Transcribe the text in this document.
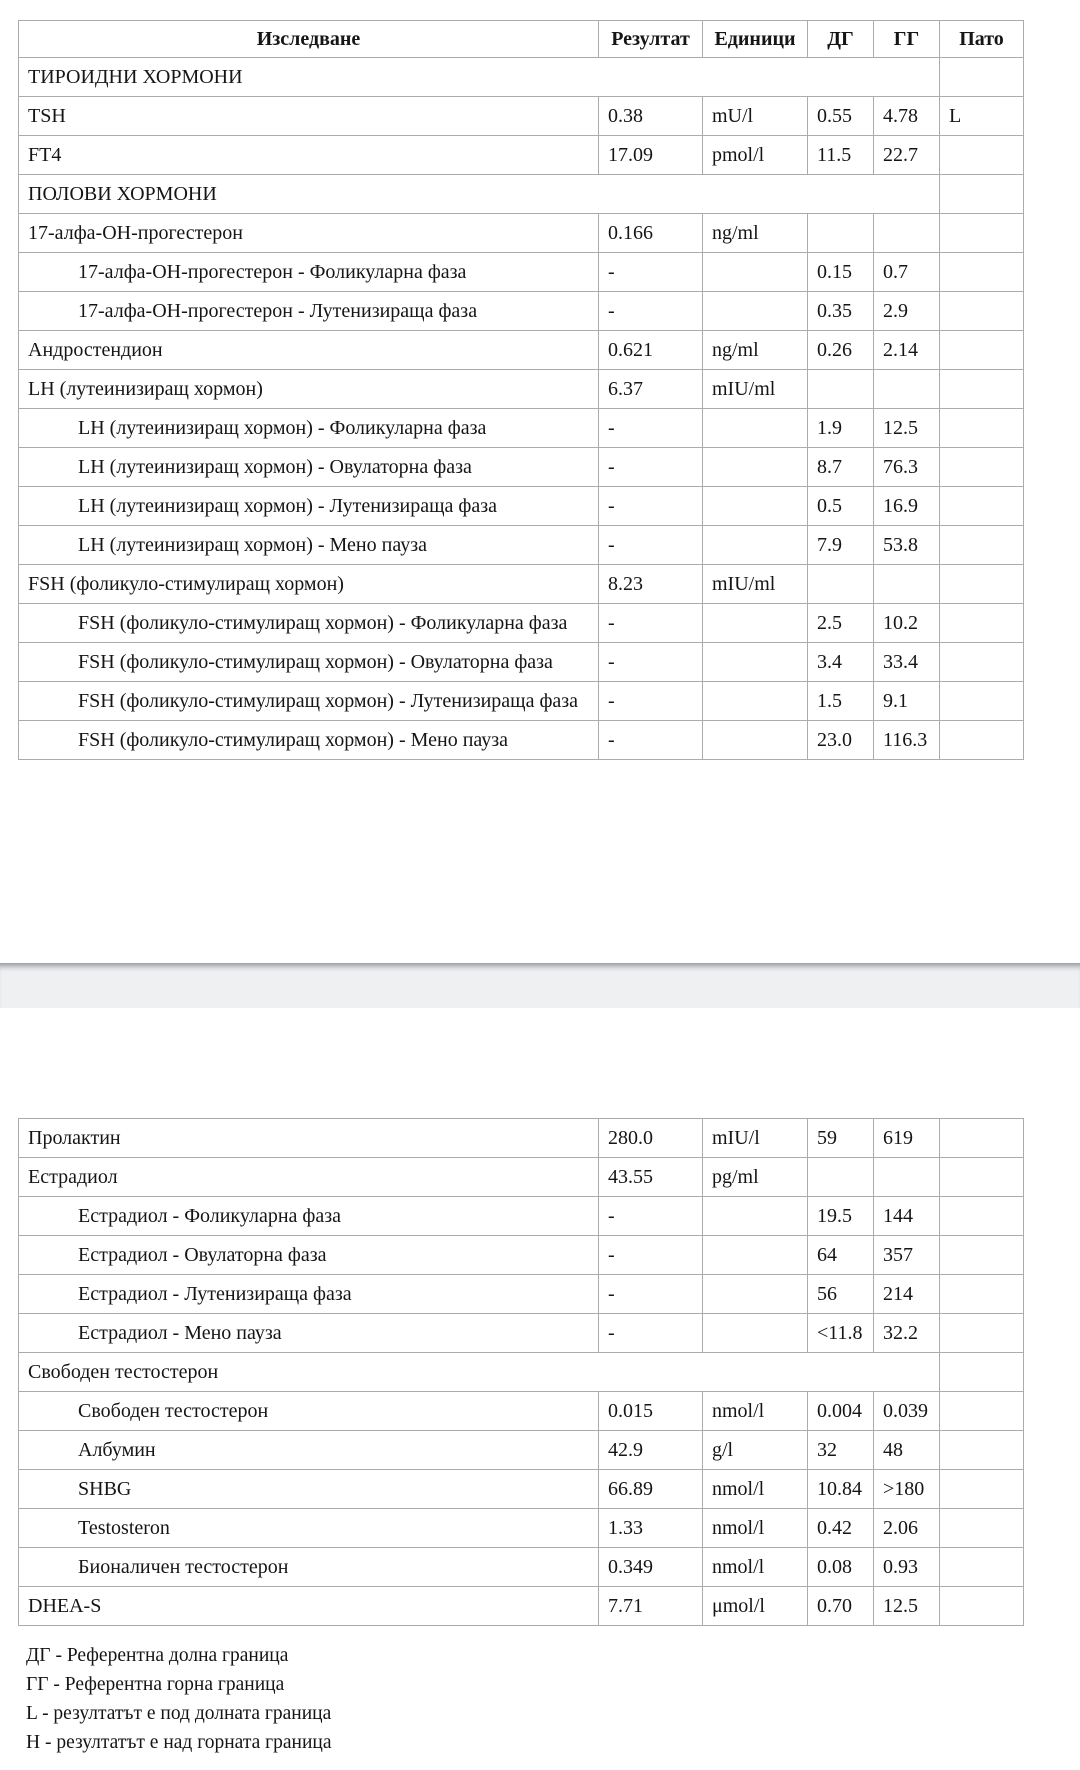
Изследване	Резултат	Единици	ДГ	ГГ	Пато
ТИРОИДНИ ХОРМОНИ					
TSH	0.38	mU/l	0.55	4.78	L
FT4	17.09	pmol/l	11.5	22.7	
ПОЛОВИ ХОРМОНИ					
17-алфа-ОН-прогестерон	0.166	ng/ml			
17-алфа-ОН-прогестерон - Фоликуларна фаза	-		0.15	0.7	
17-алфа-ОН-прогестерон - Лутенизираща фаза	-		0.35	2.9	
Андростендион	0.621	ng/ml	0.26	2.14	
LH (лутеинизиращ хормон)	6.37	mIU/ml			
LH (лутеинизиращ хормон) - Фоликуларна фаза	-		1.9	12.5	
LH (лутеинизиращ хормон) - Овулаторна фаза	-		8.7	76.3	
LH (лутеинизиращ хормон) - Лутенизираща фаза	-		0.5	16.9	
LH (лутеинизиращ хормон) - Мено пауза	-		7.9	53.8	
FSH (фоликуло-стимулиращ хормон)	8.23	mIU/ml			
FSH (фоликуло-стимулиращ хормон) - Фоликуларна фаза	-		2.5	10.2	
FSH (фоликуло-стимулиращ хормон) - Овулаторна фаза	-		3.4	33.4	
FSH (фоликуло-стимулиращ хормон) - Лутенизираща фаза	-		1.5	9.1	
FSH (фоликуло-стимулиращ хормон) - Мено пауза	-		23.0	116.3	
Пролактин	280.0	mIU/l	59	619	
Естрадиол	43.55	pg/ml			
Естрадиол - Фоликуларна фаза	-		19.5	144	
Естрадиол - Овулаторна фаза	-		64	357	
Естрадиол - Лутенизираща фаза	-		56	214	
Естрадиол - Мено пауза	-		<11.8	32.2	
Свободен тестостерон					
Свободен тестостерон	0.015	nmol/l	0.004	0.039	
Албумин	42.9	g/l	32	48	
SHBG	66.89	nmol/l	10.84	>180	
Testosteron	1.33	nmol/l	0.42	2.06	
Бионаличен тестостерон	0.349	nmol/l	0.08	0.93	
DHEA-S	7.71	μmol/l	0.70	12.5	
ДГ - Референтна долна граница
ГГ - Референтна горна граница
L - резултатът е под долната граница
H - резултатът е над горната граница
